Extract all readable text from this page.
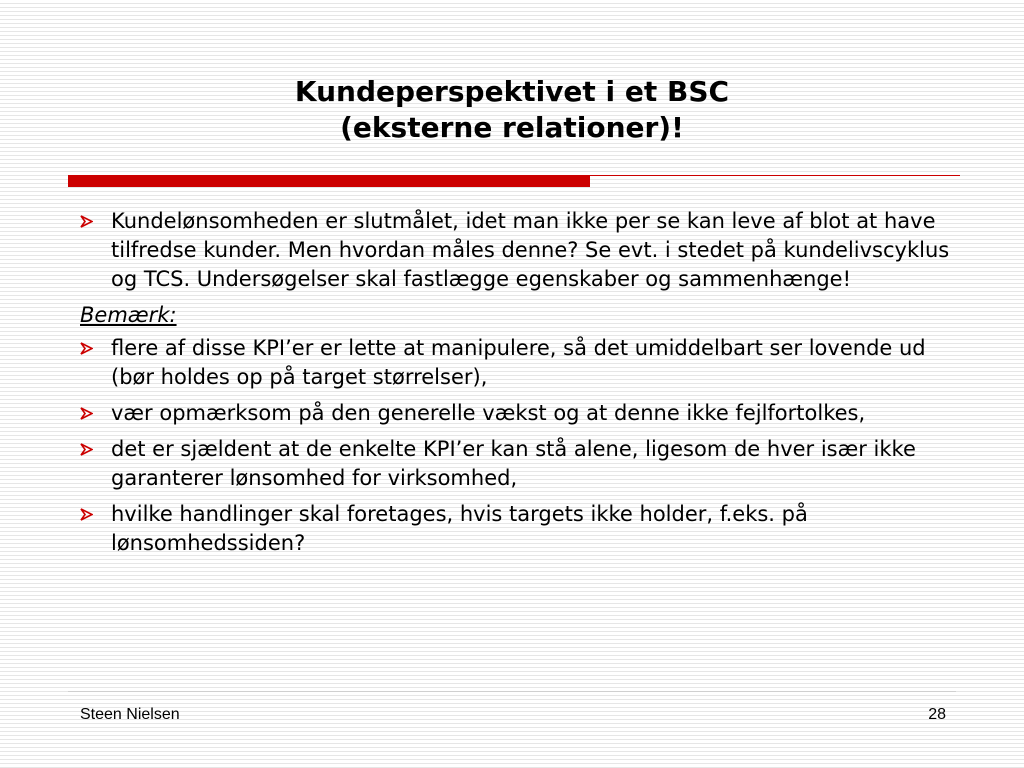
Kundeperspektivet i et BSC
(eksterne relationer)!
Kundelønsomheden er slutmålet, idet man ikke per se kan leve af blot at have tilfredse kunder. Men hvordan måles denne? Se evt. i stedet på kundelivscyklus og TCS. Undersøgelser skal fastlægge egenskaber og sammenhænge!
Bemærk:
flere af disse KPI’er er lette at manipulere, så det umiddelbart ser lovende ud (bør holdes op på target størrelser),
vær opmærksom på den generelle vækst og at denne ikke fejlfortolkes,
det er sjældent at de enkelte KPI’er kan stå alene, ligesom de hver især ikke garanterer lønsomhed for virksomhed,
hvilke handlinger skal foretages, hvis targets ikke holder, f.eks. på lønsomhedssiden?
Steen Nielsen	28
